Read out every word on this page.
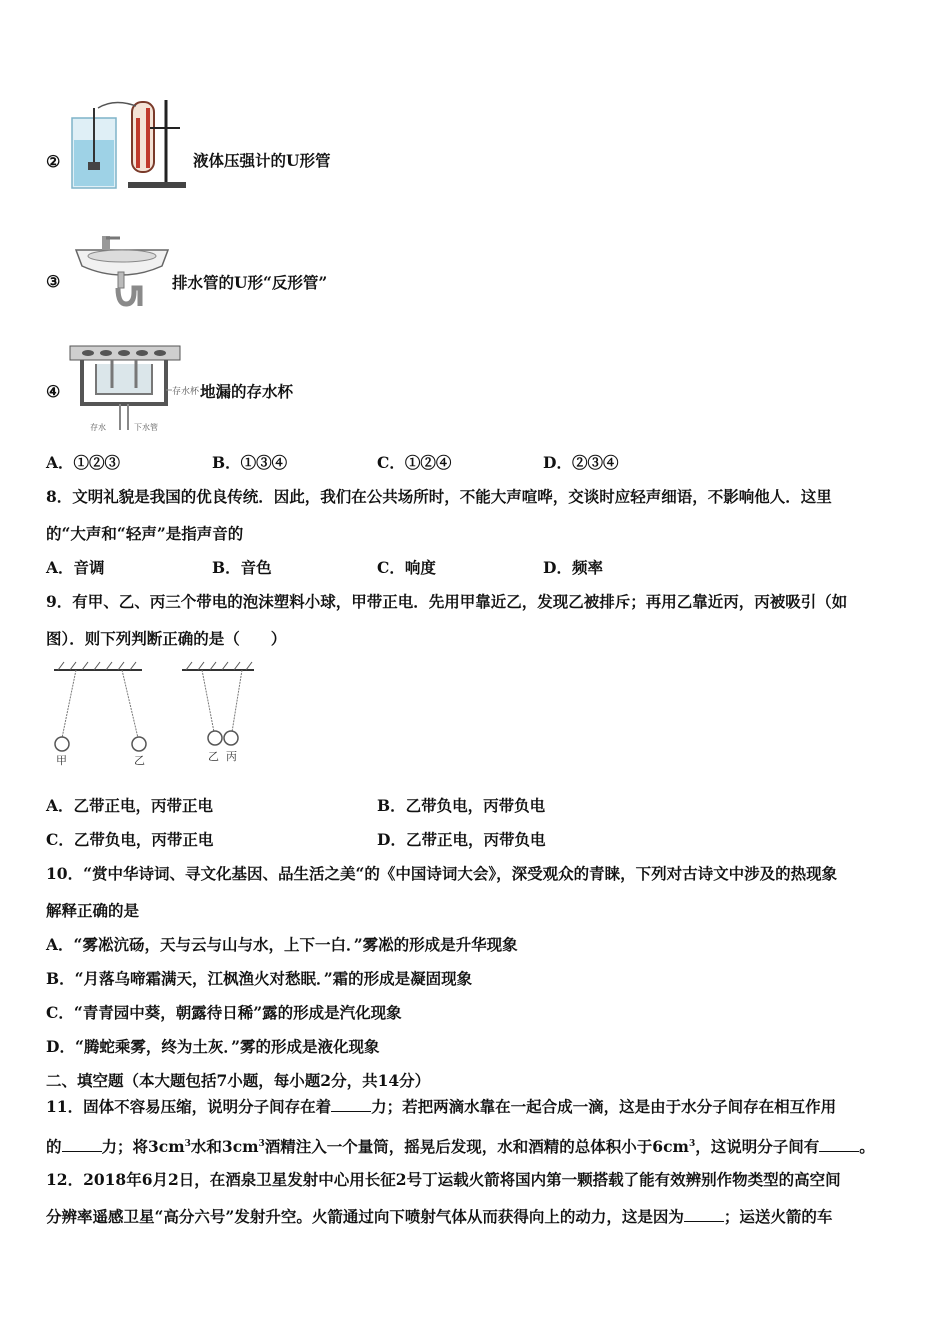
②	液体压强计的U形管
③	排水管的U形“反形管”
④	存水杯
存水	下水管
地漏的存水杯
A．①②③	B．①③④	C．①②④	D．②③④
8．文明礼貌是我国的优良传统．因此，我们在公共场所时，不能大声喧哗，交谈时应轻声细语，不影响他人．这里
的“大声和“轻声”是指声音的
A．音调	B．音色	C．响度	D．频率
9．有甲、乙、丙三个带电的泡沫塑料小球，甲带正电．先用甲靠近乙，发现乙被排斥；再用乙靠近丙，丙被吸引（如
图）．则下列判断正确的是（　　）
甲	乙	乙 丙
A．乙带正电，丙带正电	B．乙带负电，丙带负电
C．乙带负电，丙带正电	D．乙带正电，丙带负电
10．“赏中华诗词、寻文化基因、品生活之美“的《中国诗词大会》，深受观众的青睐，下列对古诗文中涉及的热现象
解释正确的是
A．“雾凇沆砀，天与云与山与水，上下一白．”雾凇的形成是升华现象
B．“月落乌啼霜满天，江枫渔火对愁眠．”霜的形成是凝固现象
C．“青青园中葵，朝露待日稀”露的形成是汽化现象
D．“腾蛇乘雾，终为土灰．”雾的形成是液化现象
二、填空题（本大题包括7小题，每小题2分，共14分）
11．固体不容易压缩，说明分子间存在着	力；若把两滴水靠在一起合成一滴，这是由于水分子间存在相互作用
的	力；将$3cm^3$水和$3cm^3$酒精注入一个量筒，摇晃后发现，水和酒精的总体积小于$6cm^3$，这说明分子间有	。
12．2018年6月2日，在酒泉卫星发射中心用长征2号丁运载火箭将国内第一颗搭载了能有效辨别作物类型的高空间
分辨率遥感卫星“高分六号”发射升空。火箭通过向下喷射气体从而获得向上的动力，这是因为	；运送火箭的车
